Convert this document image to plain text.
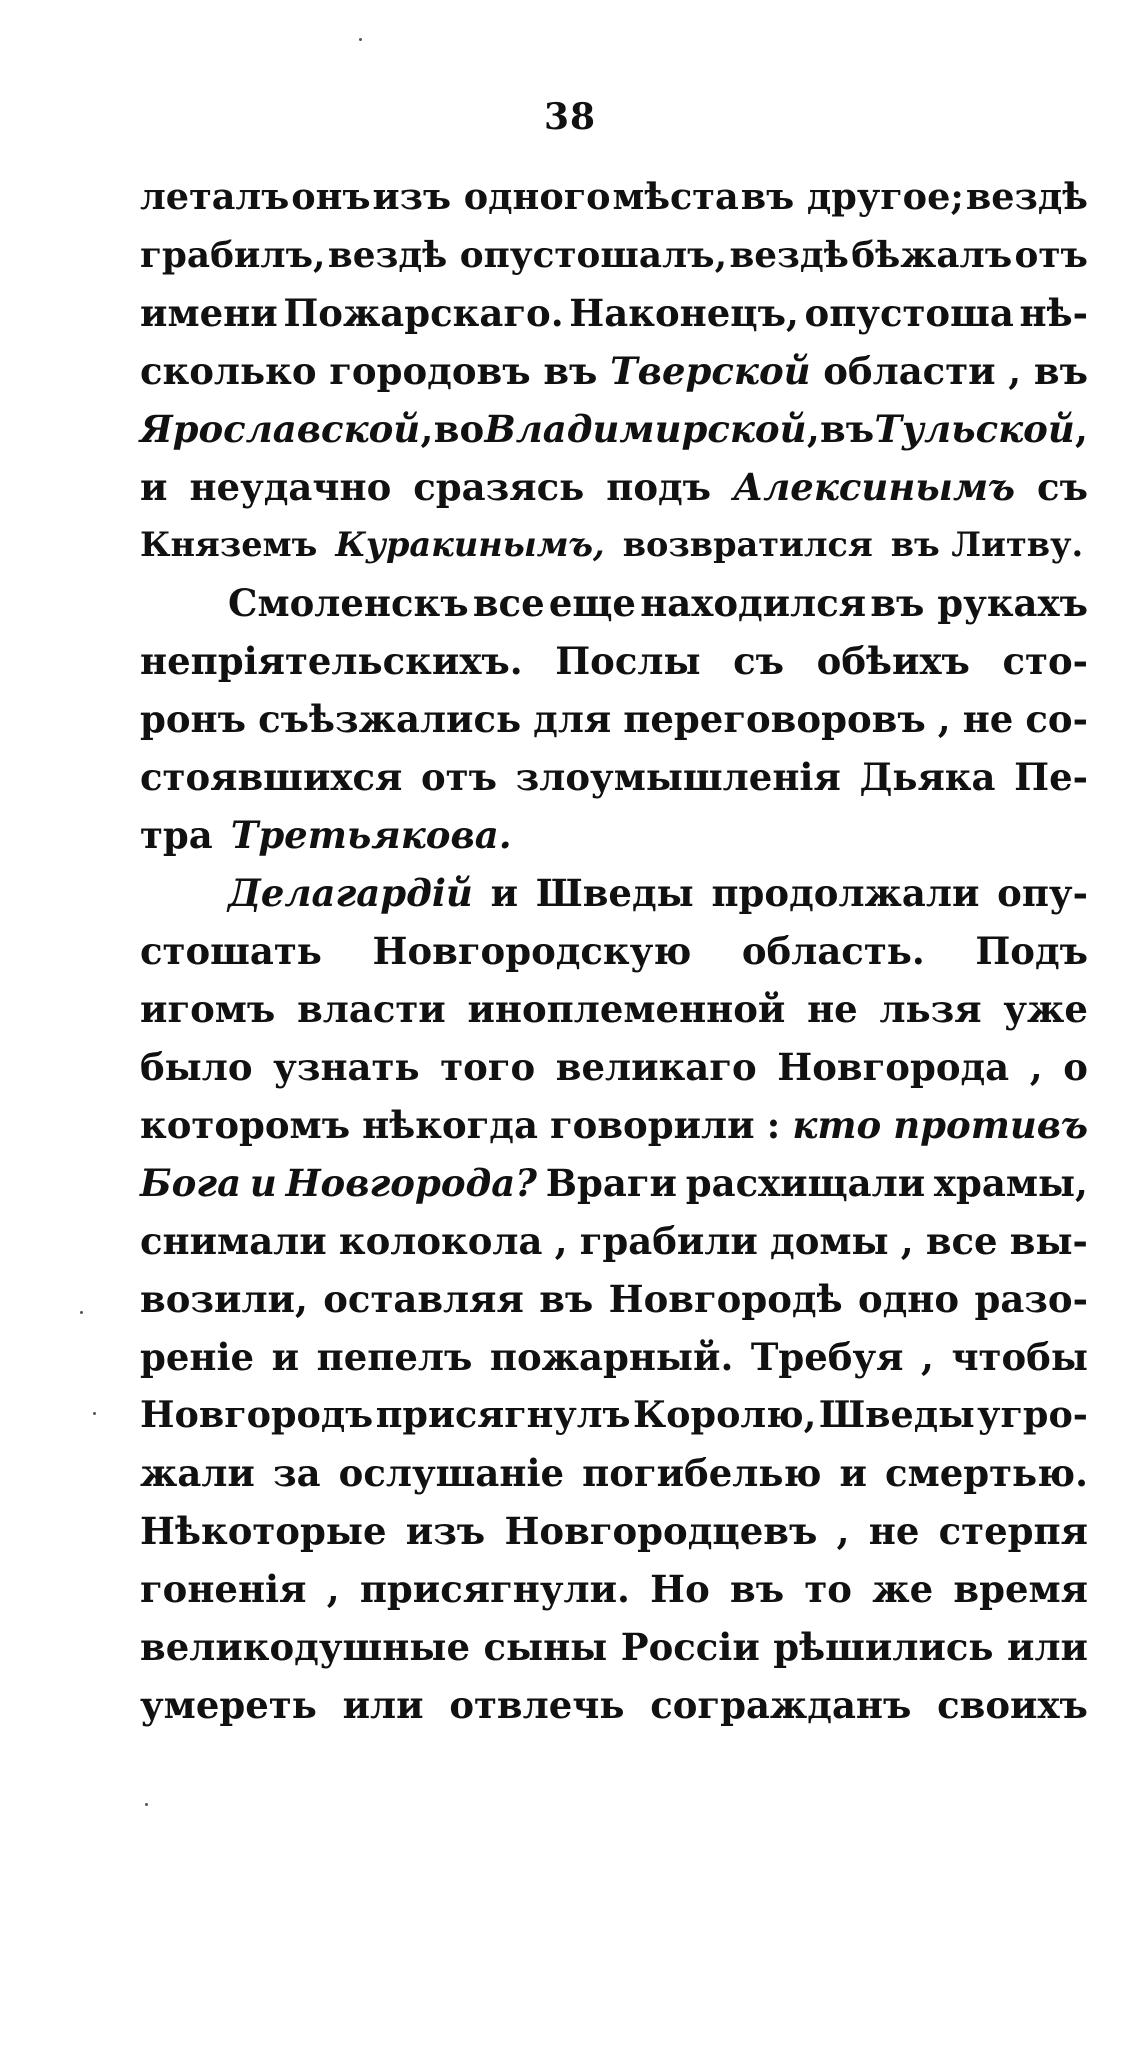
38
леталъ онъ изъ одного мѣста въ другое; вездѣ
грабилъ, вездѣ опустошалъ, вездѣ бѣжалъ отъ
имени Пожарскаго. Наконецъ, опустоша нѣ-
сколько городовъ въ Тверской области , въ
Ярославской , во Владимирской , въ Тульской ,
и неудачно сразясь подъ Алексинымъ съ
Княземъ Куракинымъ, возвратился въ Литву.
Смоленскъ все еще находился въ рукахъ
непріятельскихъ. Послы съ обѣихъ сто-
ронъ съѣзжались для переговоровъ , не со-
стоявшихся отъ злоумышленія Дьяка Пе-
тра Третьякова.
Делагардій и Шведы продолжали опу-
стошать Новгородскую область. Подъ
игомъ власти иноплеменной не льзя уже
было узнать того великаго Новгорода , о
которомъ нѣкогда говорили : кто противъ
Бога и Новгорода? Враги расхищали храмы,
снимали колокола , грабили домы , все вы-
возили, оставляя въ Новгородѣ одно разо-
реніе и пепелъ пожарный. Требуя , чтобы
Новгородъ присягнулъ Королю, Шведы угро-
жали за ослушаніе погибелью и смертью.
Нѣкоторые изъ Новгородцевъ , не стерпя
гоненія , присягнули. Но въ то же время
великодушные сыны Россіи рѣшились или
умереть или отвлечь согражданъ своихъ
